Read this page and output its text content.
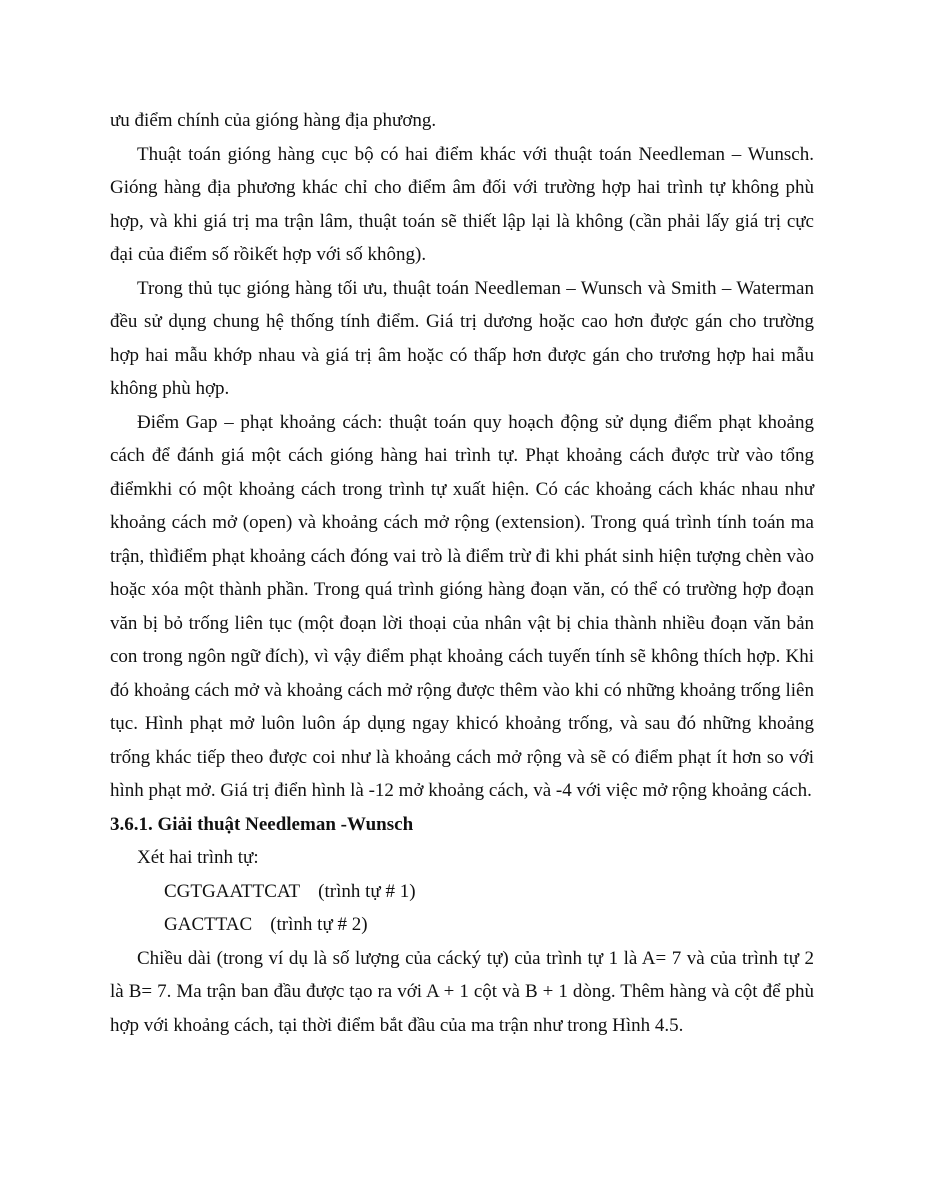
ưu điểm chính của gióng hàng địa phương.

Thuật toán gióng hàng cục bộ có hai điểm khác với thuật toán Needleman – Wunsch. Gióng hàng địa phương khác chỉ cho điểm âm đối với trường hợp hai trình tự không phù hợp, và khi giá trị ma trận lâm, thuật toán sẽ thiết lập lại là không (cần phải lấy giá trị cực đại của điểm số rồikết hợp với số không).

Trong thủ tục gióng hàng tối ưu, thuật toán Needleman – Wunsch và Smith – Waterman đều sử dụng chung hệ thống tính điểm. Giá trị dương hoặc cao hơn được gán cho trường hợp hai mẫu khớp nhau và giá trị âm hoặc có thấp hơn được gán cho trương hợp hai mẫu không phù hợp.

Điểm Gap – phạt khoảng cách: thuật toán quy hoạch động sử dụng điểm phạt khoảng cách để đánh giá một cách gióng hàng hai trình tự. Phạt khoảng cách được trừ vào tổng điểmkhi có một khoảng cách trong trình tự xuất hiện. Có các khoảng cách khác nhau như khoảng cách mở (open) và khoảng cách mở rộng (extension). Trong quá trình tính toán ma trận, thìđiểm phạt khoảng cách đóng vai trò là điểm trừ đi khi phát sinh hiện tượng chèn vào hoặc xóa một thành phần. Trong quá trình gióng hàng đoạn văn, có thể có trường hợp đoạn văn bị bỏ trống liên tục (một đoạn lời thoại của nhân vật bị chia thành nhiều đoạn văn bản con trong ngôn ngữ đích), vì vậy điểm phạt khoảng cách tuyến tính sẽ không thích hợp. Khi đó khoảng cách mở và khoảng cách mở rộng được thêm vào khi có những khoảng trống liên tục. Hình phạt mở luôn luôn áp dụng ngay khicó khoảng trống, và sau đó những khoảng trống khác tiếp theo được coi như là khoảng cách mở rộng và sẽ có điểm phạt ít hơn so với hình phạt mở. Giá trị điển hình là -12 mở khoảng cách, và -4 với việc mở rộng khoảng cách.

3.6.1. Giải thuật Needleman -Wunsch
Xét hai trình tự:
CGTGAATTCAT (trình tự # 1)
GACTTAC (trình tự # 2)

Chiều dài (trong ví dụ là số lượng của cácký tự) của trình tự 1 là A= 7 và của trình tự 2 là B= 7. Ma trận ban đầu được tạo ra với A + 1 cột và B + 1 dòng. Thêm hàng và cột để phù hợp với khoảng cách, tại thời điểm bắt đầu của ma trận như trong Hình 4.5.
